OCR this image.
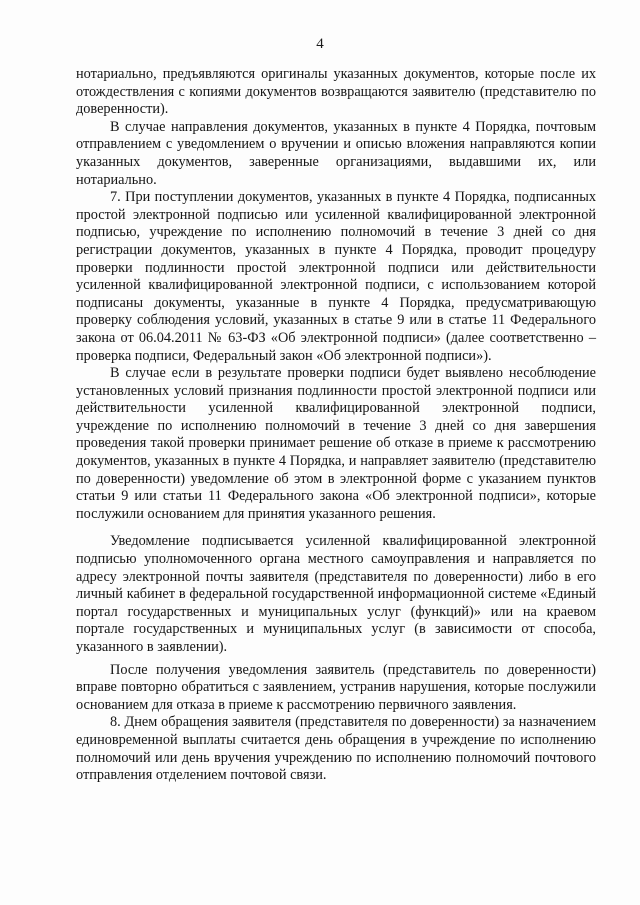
4

нотариально, предъявляются оригиналы указанных документов, которые после их отождествления с копиями документов возвращаются заявителю (представителю по доверенности).

В случае направления документов, указанных в пункте 4 Порядка, почтовым отправлением с уведомлением о вручении и описью вложения направляются копии указанных документов, заверенные организациями, выдавшими их, или нотариально.

7. При поступлении документов, указанных в пункте 4 Порядка, подписанных простой электронной подписью или усиленной квалифицированной электронной подписью, учреждение по исполнению полномочий в течение 3 дней со дня регистрации документов, указанных в пункте 4 Порядка, проводит процедуру проверки подлинности простой электронной подписи или действительности усиленной квалифицированной электронной подписи, с использованием которой подписаны документы, указанные в пункте 4 Порядка, предусматривающую проверку соблюдения условий, указанных в статье 9 или в статье 11 Федерального закона от 06.04.2011 № 63-ФЗ «Об электронной подписи» (далее соответственно – проверка подписи, Федеральный закон «Об электронной подписи»).

В случае если в результате проверки подписи будет выявлено несоблюдение установленных условий признания подлинности простой электронной подписи или действительности усиленной квалифицированной электронной подписи, учреждение по исполнению полномочий в течение 3 дней со дня завершения проведения такой проверки принимает решение об отказе в приеме к рассмотрению документов, указанных в пункте 4 Порядка, и направляет заявителю (представителю по доверенности) уведомление об этом в электронной форме с указанием пунктов статьи 9 или статьи 11 Федерального закона «Об электронной подписи», которые послужили основанием для принятия указанного решения.

Уведомление подписывается усиленной квалифицированной электронной подписью уполномоченного органа местного самоуправления и направляется по адресу электронной почты заявителя (представителя по доверенности) либо в его личный кабинет в федеральной государственной информационной системе «Единый портал государственных и муниципальных услуг (функций)» или на краевом портале государственных и муниципальных услуг (в зависимости от способа, указанного в заявлении).

После получения уведомления заявитель (представитель по доверенности) вправе повторно обратиться с заявлением, устранив нарушения, которые послужили основанием для отказа в приеме к рассмотрению первичного заявления.

8. Днем обращения заявителя (представителя по доверенности) за назначением единовременной выплаты считается день обращения в учреждение по исполнению полномочий или день вручения учреждению по исполнению полномочий почтового отправления отделением почтовой связи.
